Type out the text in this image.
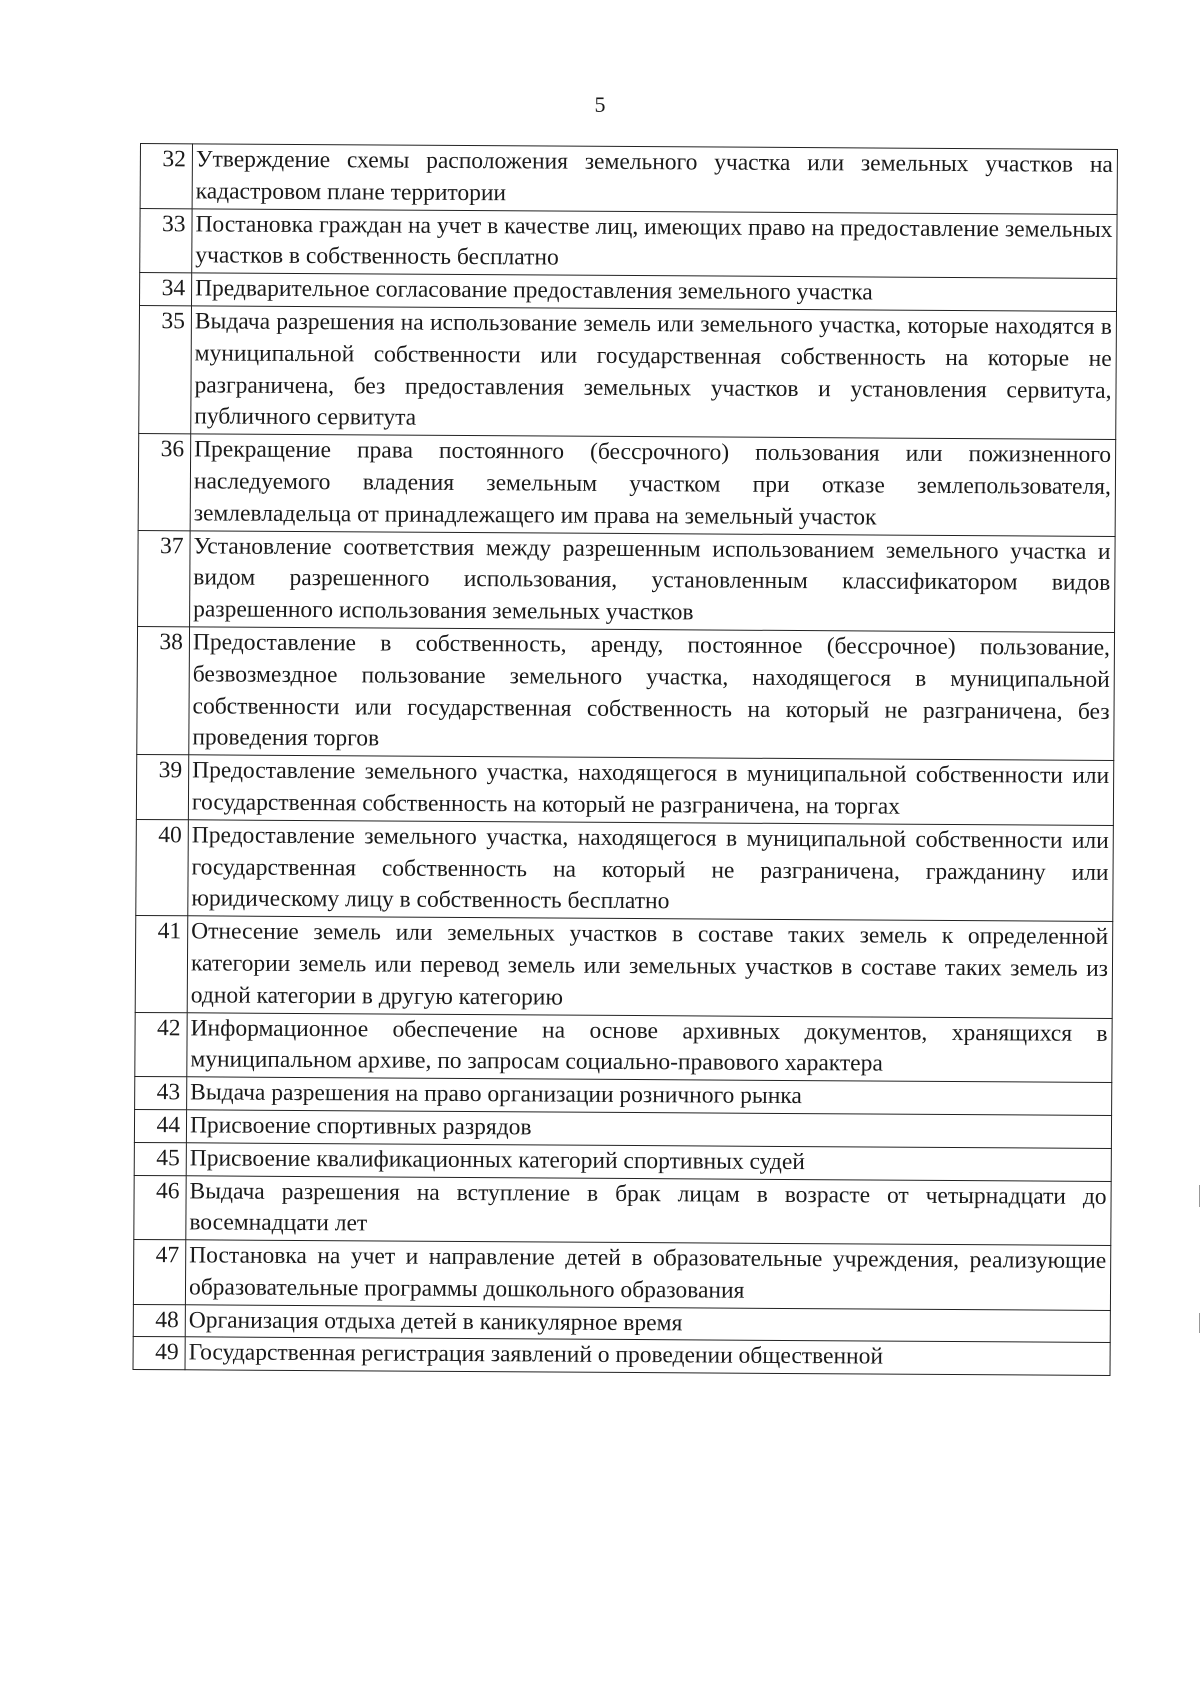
5
32	Утверждение схемы расположения земельного участка или земельных участков на кадастровом плане территории
33	Постановка граждан на учет в качестве лиц, имеющих право на предоставление земельных участков в собственность бесплатно
34	Предварительное согласование предоставления земельного участка
35	Выдача разрешения на использование земель или земельного участка, которые находятся в муниципальной собственности или государственная собственность на которые не разграничена, без предоставления земельных участков и установления сервитута, публичного сервитута
36	Прекращение права постоянного (бессрочного) пользования или пожизненного наследуемого владения земельным участком при отказе землепользователя, землевладельца от принадлежащего им права на земельный участок
37	Установление соответствия между разрешенным использованием земельного участка и видом разрешенного использования, установленным классификатором видов разрешенного использования земельных участков
38	Предоставление в собственность, аренду, постоянное (бессрочное) пользование, безвозмездное пользование земельного участка, находящегося в муниципальной собственности или государственная собственность на который не разграничена, без проведения торгов
39	Предоставление земельного участка, находящегося в муниципальной собственности или государственная собственность на который не разграничена, на торгах
40	Предоставление земельного участка, находящегося в муниципальной собственности или государственная собственность на который не разграничена, гражданину или юридическому лицу в собственность бесплатно
41	Отнесение земель или земельных участков в составе таких земель к определенной категории земель или перевод земель или земельных участков в составе таких земель из одной категории в другую категорию
42	Информационное обеспечение на основе архивных документов, хранящихся в муниципальном архиве, по запросам социально-правового характера
43	Выдача разрешения на право организации розничного рынка
44	Присвоение спортивных разрядов
45	Присвоение квалификационных категорий спортивных судей
46	Выдача разрешения на вступление в брак лицам в возрасте от четырнадцати до восемнадцати лет
47	Постановка на учет и направление детей в образовательные учреждения, реализующие образовательные программы дошкольного образования
48	Организация отдыха детей в каникулярное время
49	Государственная регистрация заявлений о проведении общественной
